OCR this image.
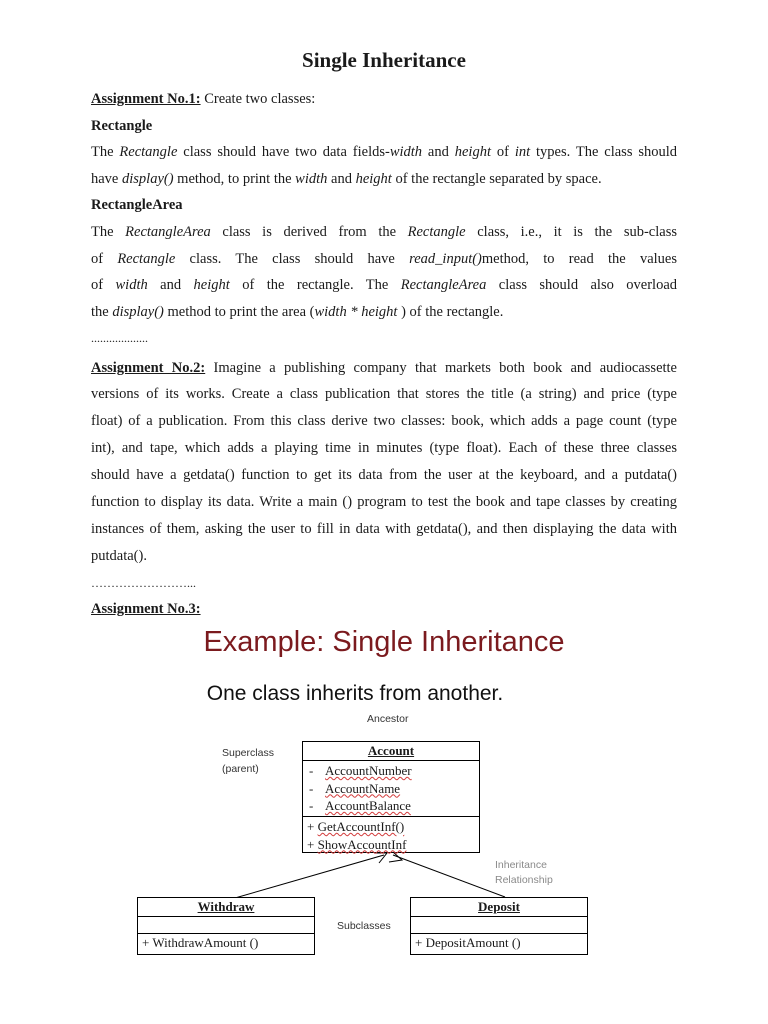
Single Inheritance
Assignment No.1: Create two classes:
Rectangle
The Rectangle class should have two data fields-width and height of int types. The class should
have display() method, to print the width and height of the rectangle separated by space.
RectangleArea
The RectangleArea class is derived from the Rectangle class, i.e., it is the sub-class
of Rectangle class. The class should have read_input()method, to read the values
of width and height of the rectangle. The RectangleArea class should also overload
the display() method to print the area (width * height ) of the rectangle.
...................
Assignment No.2: Imagine a publishing company that markets both book and audiocassette
versions of its works. Create a class publication that stores the title (a string) and price (type
float) of a publication. From this class derive two classes: book, which adds a page count (type
int), and tape, which adds a playing time in minutes (type float). Each of these three classes
should have a getdata() function to get its data from the user at the keyboard, and a putdata()
function to display its data. Write a main () program to test the book and tape classes by creating
instances of them, asking the user to fill in data with getdata(), and then displaying the data with
putdata().
……………………...
Assignment No.3:
Example: Single Inheritance
One class inherits from another.
Ancestor
Superclass
(parent)
Inheritance
Relationship
Subclasses
Account
- AccountNumber
- AccountName
- AccountBalance
+ GetAccountInf()
+ ShowAccountInf
Withdraw
+ WithdrawAmount ()
Deposit
+ DepositAmount ()
